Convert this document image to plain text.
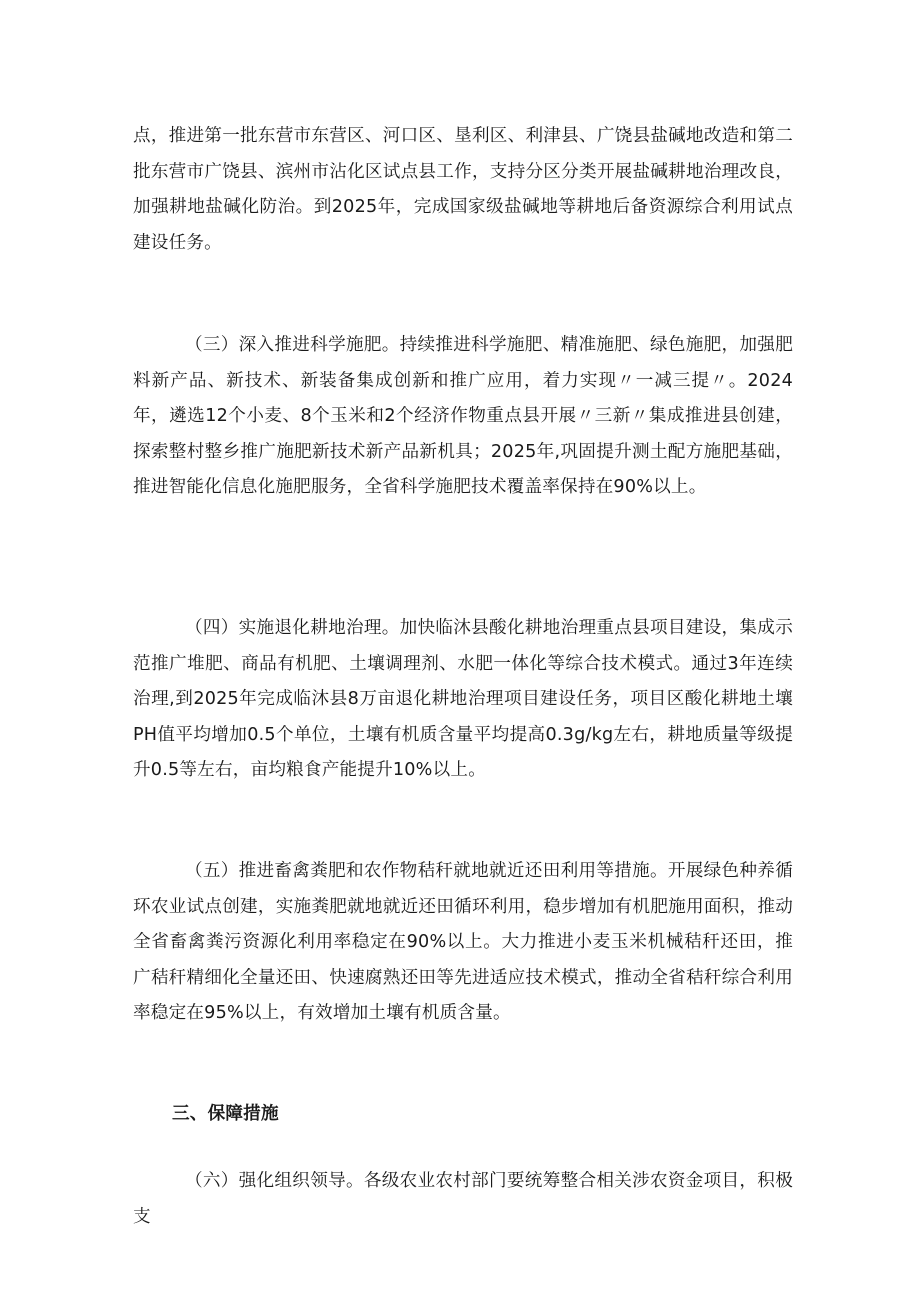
点，推进第一批东营市东营区、河口区、垦利区、利津县、广饶县盐碱地改造和第二批东营市广饶县、滨州市沾化区试点县工作，支持分区分类开展盐碱耕地治理改良，加强耕地盐碱化防治。到2025年，完成国家级盐碱地等耕地后备资源综合利用试点建设任务。

（三）深入推进科学施肥。持续推进科学施肥、精准施肥、绿色施肥，加强肥料新产品、新技术、新装备集成创新和推广应用，着力实现〃一减三提〃。2024年，遴选12个小麦、8个玉米和2个经济作物重点县开展〃三新〃集成推进县创建，探索整村整乡推广施肥新技术新产品新机具；2025年,巩固提升测土配方施肥基础，推进智能化信息化施肥服务，全省科学施肥技术覆盖率保持在90%以上。

（四）实施退化耕地治理。加快临沐县酸化耕地治理重点县项目建设，集成示范推广堆肥、商品有机肥、土壤调理剂、水肥一体化等综合技术模式。通过3年连续治理,到2025年完成临沐县8万亩退化耕地治理项目建设任务，项目区酸化耕地土壤PH值平均增加0.5个单位，土壤有机质含量平均提高0.3g/kg左右，耕地质量等级提升0.5等左右，亩均粮食产能提升10%以上。

（五）推进畜禽粪肥和农作物秸秆就地就近还田利用等措施。开展绿色种养循环农业试点创建，实施粪肥就地就近还田循环利用，稳步增加有机肥施用面积，推动全省畜禽粪污资源化利用率稳定在90%以上。大力推进小麦玉米机械秸秆还田，推广秸秆精细化全量还田、快速腐熟还田等先进适应技术模式，推动全省秸秆综合利用率稳定在95%以上，有效增加土壤有机质含量。

三、保障措施

（六）强化组织领导。各级农业农村部门要统筹整合相关涉农资金项目，积极支
